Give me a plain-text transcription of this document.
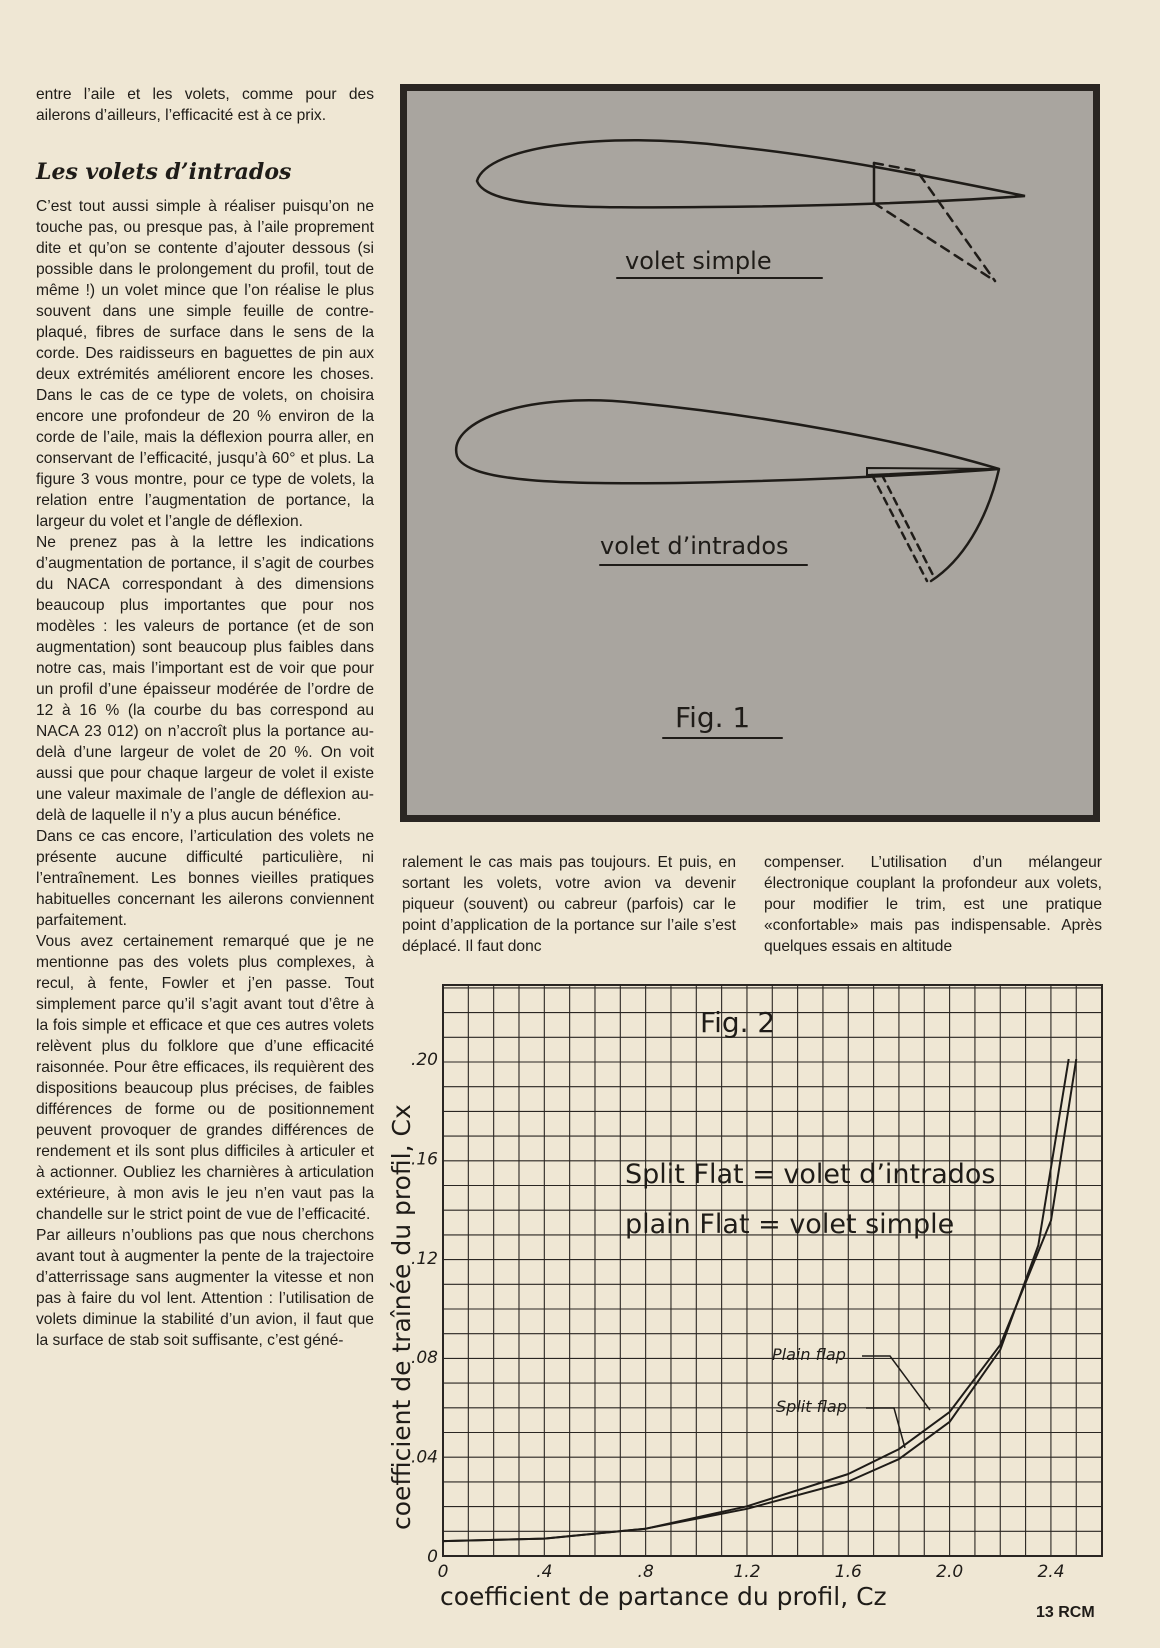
entre l’aile et les volets, comme pour des ailerons d’ailleurs, l’efficacité est à ce prix.

Les volets d’intrados

C’est tout aussi simple à réaliser puisqu’on ne touche pas, ou presque pas, à l’aile proprement dite et qu’on se contente d’ajouter dessous (si possible dans le prolongement du profil, tout de même !) un volet mince que l’on réalise le plus souvent dans une simple feuille de contre-plaqué, fibres de surface dans le sens de la corde. Des raidisseurs en baguettes de pin aux deux extrémités améliorent encore les choses. Dans le cas de ce type de volets, on choisira encore une profondeur de 20 % environ de la corde de l’aile, mais la déflexion pourra aller, en conservant de l’efficacité, jusqu’à 60° et plus. La figure 3 vous montre, pour ce type de volets, la relation entre l’augmentation de portance, la largeur du volet et l’angle de déflexion.

Ne prenez pas à la lettre les indications d’augmentation de portance, il s’agit de courbes du NACA correspondant à des dimensions beaucoup plus importantes que pour nos modèles : les valeurs de portance (et de son augmentation) sont beaucoup plus faibles dans notre cas, mais l’important est de voir que pour un profil d’une épaisseur modérée de l’ordre de 12 à 16 % (la courbe du bas correspond au NACA 23 012) on n’accroît plus la portance au-delà d’une largeur de volet de 20 %. On voit aussi que pour chaque largeur de volet il existe une valeur maximale de l’angle de déflexion au-delà de laquelle il n’y a plus aucun bénéfice.

Dans ce cas encore, l’articulation des volets ne présente aucune difficulté particulière, ni l’entraînement. Les bonnes vieilles pratiques habituelles concernant les ailerons conviennent parfaitement.

Vous avez certainement remarqué que je ne mentionne pas des volets plus complexes, à recul, à fente, Fowler et j’en passe. Tout simplement parce qu’il s’agit avant tout d’être à la fois simple et efficace et que ces autres volets relèvent plus du folklore que d’une efficacité raisonnée. Pour être efficaces, ils requièrent des dispositions beaucoup plus précises, de faibles différences de forme ou de positionnement peuvent provoquer de grandes différences de rendement et ils sont plus difficiles à articuler et à actionner. Oubliez les charnières à articulation extérieure, à mon avis le jeu n’en vaut pas la chandelle sur le strict point de vue de l’efficacité.

Par ailleurs n’oublions pas que nous cherchons avant tout à augmenter la pente de la trajectoire d’atterrissage sans augmenter la vitesse et non pas à faire du vol lent. Attention : l’utilisation de volets diminue la stabilité d’un avion, il faut que la surface de stab soit suffisante, c’est géné-

volet simple
volet d’intrados
Fig. 1

ralement le cas mais pas toujours. Et puis, en sortant les volets, votre avion va devenir piqueur (souvent) ou cabreur (parfois) car le point d’application de la portance sur l’aile s’est déplacé. Il faut donc

compenser. L’utilisation d’un mélangeur électronique couplant la profondeur aux volets, pour modifier le trim, est une pratique «confortable» mais pas indispensable. Après quelques essais en altitude

Plain flap
Split flap
0	.4	.8	1.2	1.6	2.0	2.4
0
.04
.08
.12
.16
.20
Fig. 2
Split Flat = volet d’intrados
plain Flat = volet simple
coefficient de partance du profil, Cz
coefficient de traînée du profil, Cx
13 RCM
